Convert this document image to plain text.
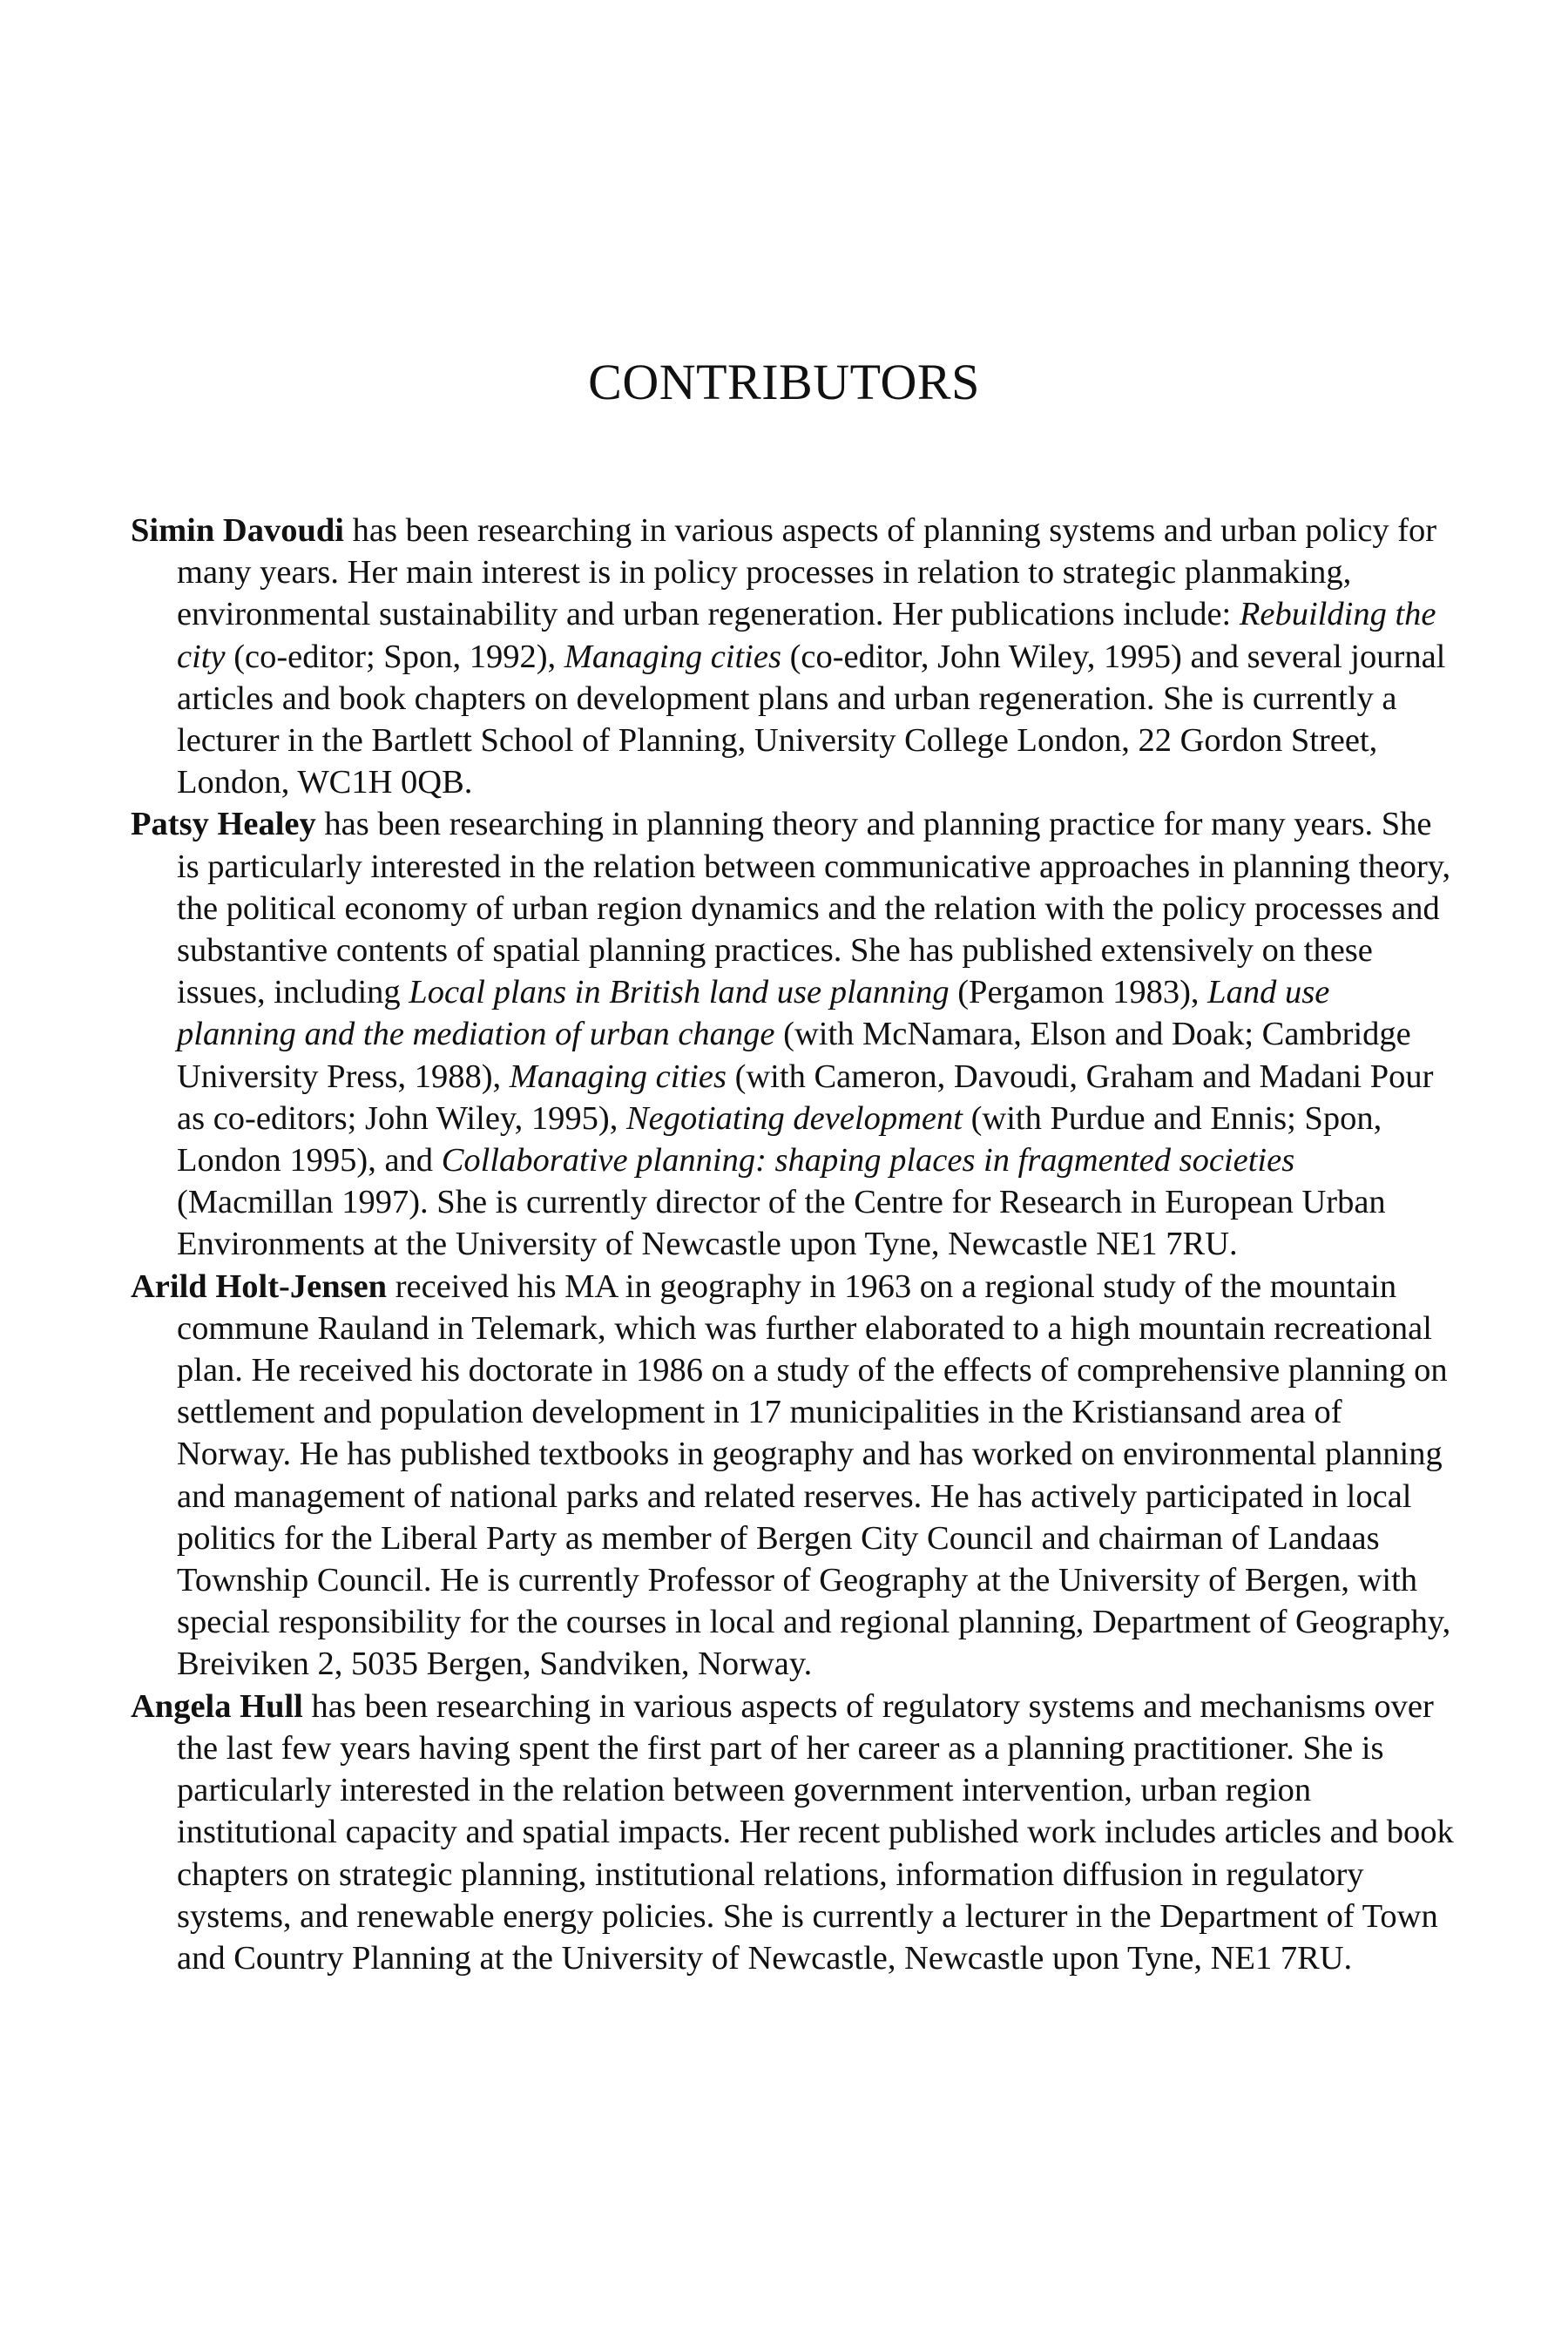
CONTRIBUTORS

Simin Davoudi has been researching in various aspects of planning systems and urban policy for many years. Her main interest is in policy processes in relation to strategic planmaking, environmental sustainability and urban regeneration. Her publications include: Rebuilding the city (co-editor; Spon, 1992), Managing cities (co-editor, John Wiley, 1995) and several journal articles and book chapters on development plans and urban regeneration. She is currently a lecturer in the Bartlett School of Planning, University College London, 22 Gordon Street, London, WC1H 0QB.

Patsy Healey has been researching in planning theory and planning practice for many years. She is particularly interested in the relation between communicative approaches in planning theory, the political economy of urban region dynamics and the relation with the policy processes and substantive contents of spatial planning practices. She has published extensively on these issues, including Local plans in British land use planning (Pergamon 1983), Land use planning and the mediation of urban change (with McNamara, Elson and Doak; Cambridge University Press, 1988), Managing cities (with Cameron, Davoudi, Graham and Madani Pour as co-editors; John Wiley, 1995), Negotiating development (with Purdue and Ennis; Spon, London 1995), and Collaborative planning: shaping places in fragmented societies (Macmillan 1997). She is currently director of the Centre for Research in European Urban Environments at the University of Newcastle upon Tyne, Newcastle NE1 7RU.

Arild Holt-Jensen received his MA in geography in 1963 on a regional study of the mountain commune Rauland in Telemark, which was further elaborated to a high mountain recreational plan. He received his doctorate in 1986 on a study of the effects of comprehensive planning on settlement and population development in 17 municipalities in the Kristiansand area of Norway. He has published textbooks in geography and has worked on environmental planning and management of national parks and related reserves. He has actively participated in local politics for the Liberal Party as member of Bergen City Council and chairman of Landaas Township Council. He is currently Professor of Geography at the University of Bergen, with special responsibility for the courses in local and regional planning, Department of Geography, Breiviken 2, 5035 Bergen, Sandviken, Norway.

Angela Hull has been researching in various aspects of regulatory systems and mechanisms over the last few years having spent the first part of her career as a planning practitioner. She is particularly interested in the relation between government intervention, urban region institutional capacity and spatial impacts. Her recent published work includes articles and book chapters on strategic planning, institutional relations, information diffusion in regulatory systems, and renewable energy policies. She is currently a lecturer in the Department of Town and Country Planning at the University of Newcastle, Newcastle upon Tyne, NE1 7RU.
